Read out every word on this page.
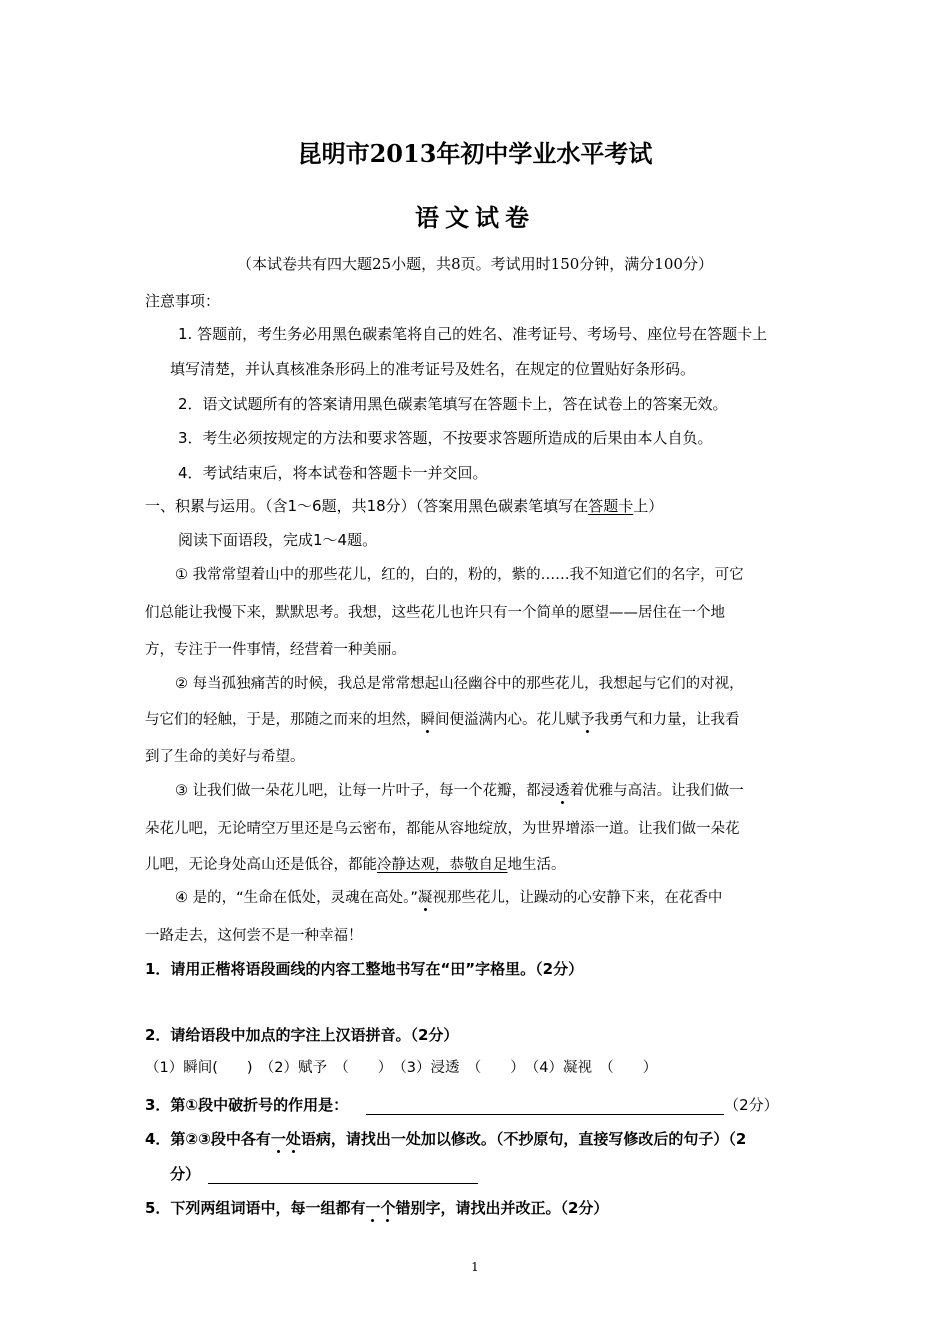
昆明市2013年初中学业水平考试
语文试卷
（本试卷共有四大题25小题，共8页。考试用时150分钟，满分100分）
注意事项：
1. 答题前，考生务必用黑色碳素笔将自己的姓名、准考证号、考场号、座位号在答题卡上
填写清楚，并认真核准条形码上的准考证号及姓名，在规定的位置贴好条形码。
2．语文试题所有的答案请用黑色碳素笔填写在答题卡上，答在试卷上的答案无效。
3．考生必须按规定的方法和要求答题，不按要求答题所造成的后果由本人自负。
4．考试结束后，将本试卷和答题卡一并交回。
一、积累与运用。（含1～6题，共18分）（答案用黑色碳素笔填写在答题卡上）
阅读下面语段，完成1～4题。
① 我常常望着山中的那些花儿，红的，白的，粉的，紫的……我不知道它们的名字，可它
们总能让我慢下来，默默思考。我想，这些花儿也许只有一个简单的愿望——居住在一个地
方，专注于一件事情，经营着一种美丽。
② 每当孤独痛苦的时候，我总是常常想起山径幽谷中的那些花儿，我想起与它们的对视，
与它们的轻触，于是，那随之而来的坦然，瞬间便溢满内心。花儿赋予我勇气和力量，让我看
到了生命的美好与希望。
③ 让我们做一朵花儿吧，让每一片叶子，每一个花瓣，都浸透着优雅与高洁。让我们做一
朵花儿吧，无论晴空万里还是乌云密布，都能从容地绽放，为世界增添一道。让我们做一朵花
儿吧，无论身处高山还是低谷，都能冷静达观，恭敬自足地生活。
④ 是的，“生命在低处，灵魂在高处。”凝视那些花儿，让躁动的心安静下来，在花香中
一路走去，这何尝不是一种幸福！
1．请用正楷将语段画线的内容工整地书写在“田”字格里。（2分）
2．请给语段中加点的字注上汉语拼音。（2分）
（1）瞬间(　　)　（2）赋予　（　　）　（3）浸透　（　　）　（4）凝视　（　　）
3．第①段中破折号的作用是：	（2分）
4．第②③段中各有一处语病，请找出一处加以修改。（不抄原句，直接写修改后的句子）（2
分）
5．下列两组词语中，每一组都有一个错别字，请找出并改正。（2分）
1
